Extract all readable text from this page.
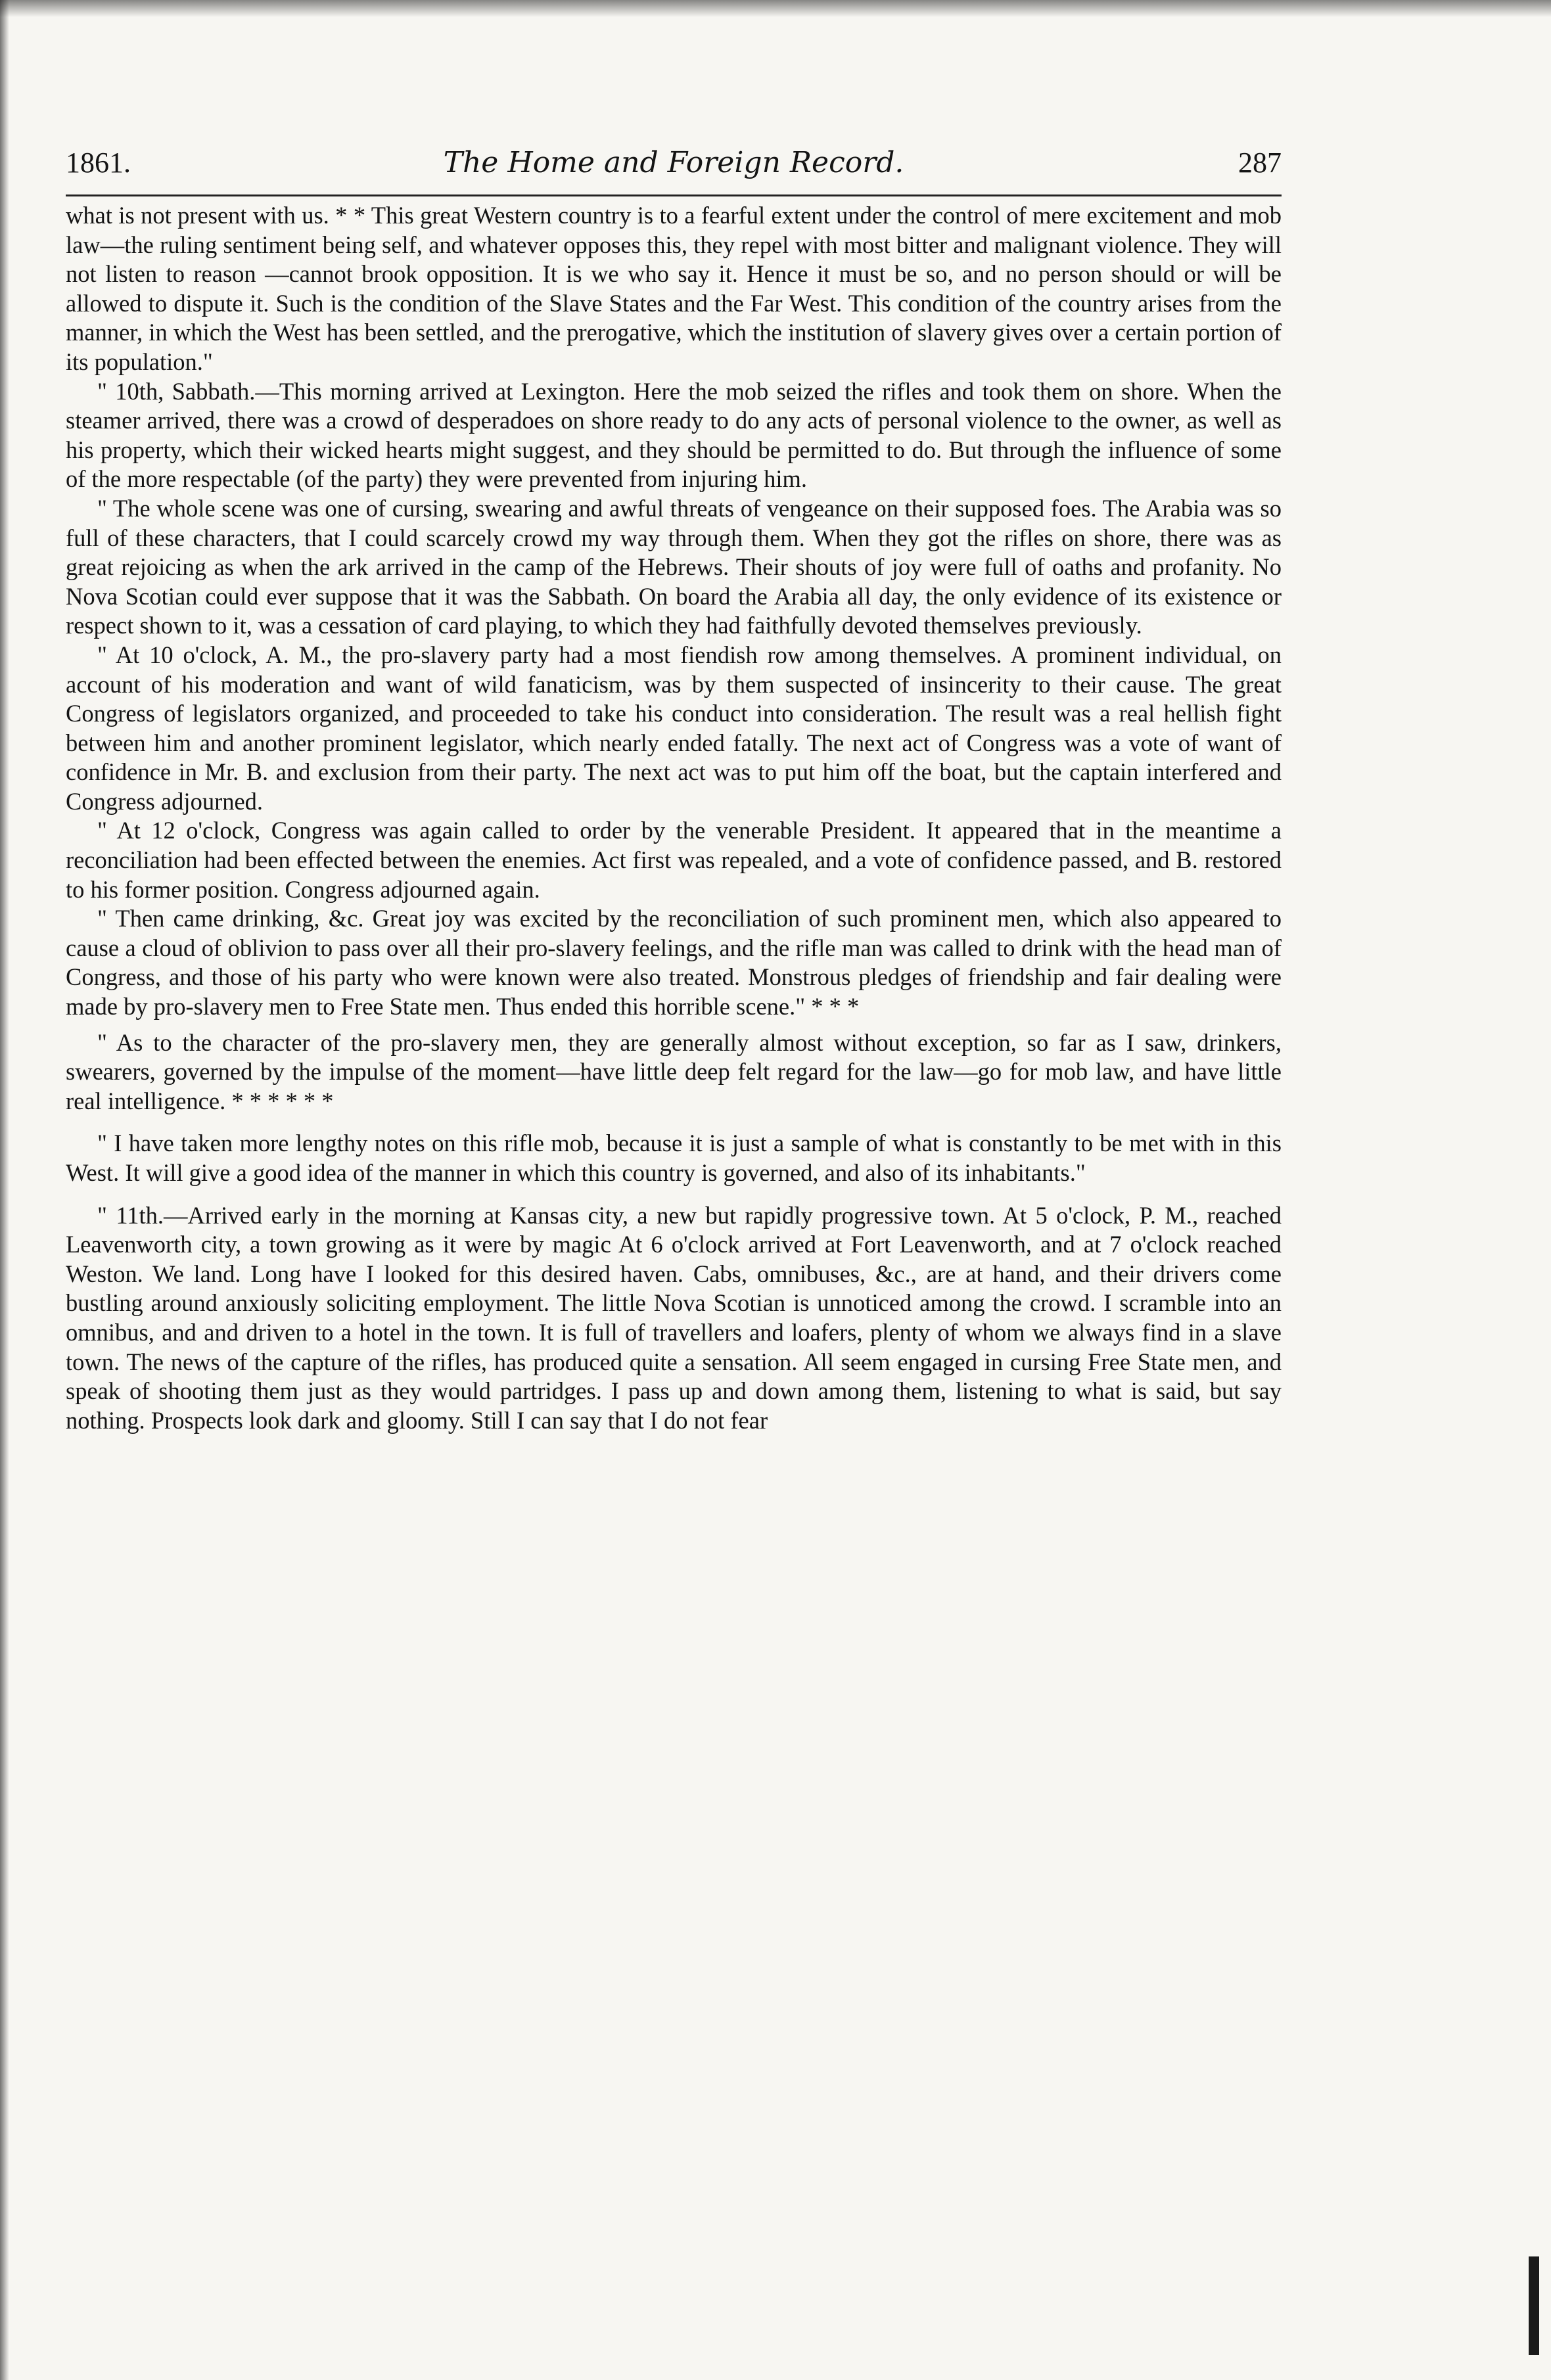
1861.	The Home and Foreign Record.	287

what is not present with us. * * This great Western country is to a fearful extent under the control of mere excitement and mob law—the ruling sentiment being self, and whatever opposes this, they repel with most bitter and malignant violence. They will not listen to reason —cannot brook opposition. It is we who say it. Hence it must be so, and no person should or will be allowed to dispute it. Such is the condition of the Slave States and the Far West. This condition of the country arises from the manner, in which the West has been settled, and the prerogative, which the institution of slavery gives over a certain portion of its population."

" 10th, Sabbath.—This morning arrived at Lexington. Here the mob seized the rifles and took them on shore. When the steamer arrived, there was a crowd of desperadoes on shore ready to do any acts of personal violence to the owner, as well as his property, which their wicked hearts might suggest, and they should be permitted to do. But through the influence of some of the more respectable (of the party) they were prevented from injuring him.

" The whole scene was one of cursing, swearing and awful threats of vengeance on their supposed foes. The Arabia was so full of these characters, that I could scarcely crowd my way through them. When they got the rifles on shore, there was as great rejoicing as when the ark arrived in the camp of the Hebrews. Their shouts of joy were full of oaths and profanity. No Nova Scotian could ever suppose that it was the Sabbath. On board the Arabia all day, the only evidence of its existence or respect shown to it, was a cessation of card playing, to which they had faithfully devoted themselves previously.

" At 10 o'clock, A. M., the pro-slavery party had a most fiendish row among themselves. A prominent individual, on account of his moderation and want of wild fanaticism, was by them suspected of insincerity to their cause. The great Congress of legislators organized, and proceeded to take his conduct into consideration. The result was a real hellish fight between him and another prominent legislator, which nearly ended fatally. The next act of Congress was a vote of want of confidence in Mr. B. and exclusion from their party. The next act was to put him off the boat, but the captain interfered and Congress adjourned.

" At 12 o'clock, Congress was again called to order by the venerable President. It appeared that in the meantime a reconciliation had been effected between the enemies. Act first was repealed, and a vote of confidence passed, and B. restored to his former position. Congress adjourned again.

" Then came drinking, &c. Great joy was excited by the reconciliation of such prominent men, which also appeared to cause a cloud of oblivion to pass over all their pro-slavery feelings, and the rifle man was called to drink with the head man of Congress, and those of his party who were known were also treated. Monstrous pledges of friendship and fair dealing were made by pro-slavery men to Free State men. Thus ended this horrible scene." * * *

" As to the character of the pro-slavery men, they are generally almost without exception, so far as I saw, drinkers, swearers, governed by the impulse of the moment—have little deep felt regard for the law—go for mob law, and have little real intelligence. * * * * * *

" I have taken more lengthy notes on this rifle mob, because it is just a sample of what is constantly to be met with in this West. It will give a good idea of the manner in which this country is governed, and also of its inhabitants."

" 11th.—Arrived early in the morning at Kansas city, a new but rapidly progressive town. At 5 o'clock, P. M., reached Leavenworth city, a town growing as it were by magic At 6 o'clock arrived at Fort Leavenworth, and at 7 o'clock reached Weston. We land. Long have I looked for this desired haven. Cabs, omnibuses, &c., are at hand, and their drivers come bustling around anxiously soliciting employment. The little Nova Scotian is unnoticed among the crowd. I scramble into an omnibus, and and driven to a hotel in the town. It is full of travellers and loafers, plenty of whom we always find in a slave town. The news of the capture of the rifles, has produced quite a sensation. All seem engaged in cursing Free State men, and speak of shooting them just as they would partridges. I pass up and down among them, listening to what is said, but say nothing. Prospects look dark and gloomy. Still I can say that I do not fear
